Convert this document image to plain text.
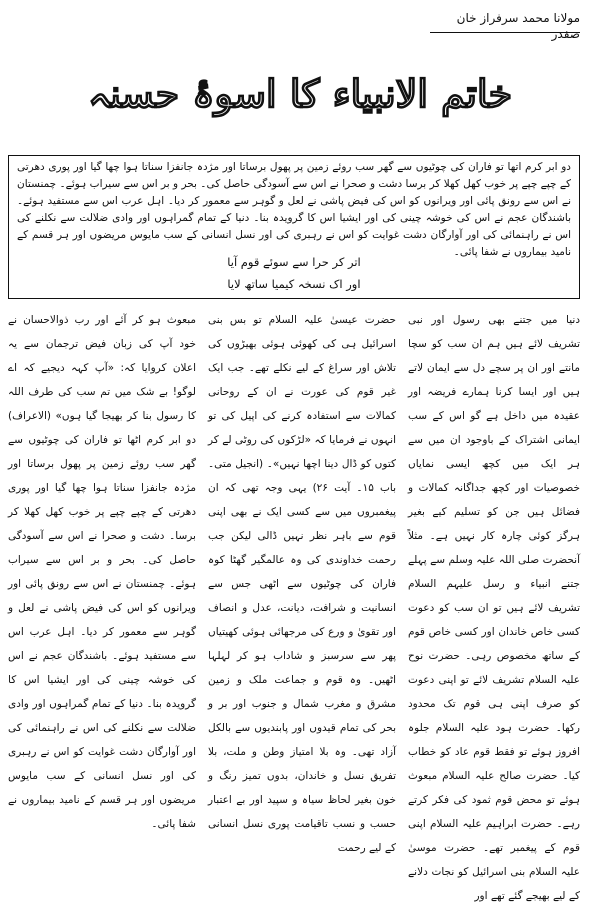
مولانا محمد سرفراز خان صفدر
خاتم الانبیاء کا اسوۂ حسنہ
دو ابر کرم اتھا تو فاران کی چوٹیوں سے گھر سب روئے زمین پر پھول برساتا اور مژدہ جانفزا سناتا ہوا چھا گیا اور پوری دھرتی کے چپے چپے پر خوب کھل کھلا کر برسا دشت و صحرا نے اس سے آسودگی حاصل کی۔ بحر و بر اس سے سیراب ہوئے۔ چمنستان نے اس سے رونق پائی اور ویرانوں کو اس کی فیض پاشی نے لعل و گوہر سے معمور کر دیا۔ اہل عرب اس سے مستفید ہوئے۔ باشندگان عجم نے اس کی خوشہ چینی کی اور ایشیا اس کا گرویدہ بنا۔ دنیا کے تمام گمراہوں اور وادی ضلالت سے نکلنے کی اس نے راہنمائی کی اور آوارگان دشت غوایت کو اس نے رہبری کی اور نسل انسانی کے سب مایوس مریضوں اور ہر قسم کے نامید بیماروں نے شفا پائی۔
اتر کر حرا سے سوئے قوم آیا
اور اک نسخہ کیمیا ساتھ لایا

دنیا میں جتنے بھی رسول اور نبی تشریف لائے ہیں ہم ان سب کو سچا مانتے اور ان پر سچے دل سے ایمان لاتے ہیں اور ایسا کرنا ہمارے فریضہ اور عقیدہ میں داخل ہے گو اس کے سب ایمانی اشتراک کے باوجود ان میں سے ہر ایک میں کچھ ایسی نمایاں خصوصیات اور کچھ جداگانہ کمالات و فضائل ہیں جن کو تسلیم کیے بغیر ہرگز کوئی چارہ کار نہیں ہے۔ مثلاً آنحضرت صلی اللہ علیہ وسلم سے پہلے جتنے انبیاء و رسل علیہم السلام تشریف لائے ہیں تو ان سب کو دعوت کسی خاص خاندان اور کسی خاص قوم کے ساتھ مخصوص رہی۔ حضرت نوح علیہ السلام تشریف لائے تو اپنی دعوت کو صرف اپنی ہی قوم تک محدود رکھا۔ حضرت ہود علیہ السلام جلوہ افروز ہوئے تو فقط قوم عاد کو خطاب کیا۔ حضرت صالح علیہ السلام مبعوث ہوئے تو محض قوم ثمود کی فکر کرتے رہے۔ حضرت ابراہیم علیہ السلام اپنی قوم کے پیغمبر تھے۔ حضرت موسیٰ علیہ السلام بنی اسرائیل کو نجات دلانے کے لیے بھیجے گئے تھے اور

حضرت عیسیٰ علیہ السلام تو بس بنی اسرائیل ہی کی کھوئی ہوئی بھیڑوں کی تلاش اور سراغ کے لیے نکلے تھے۔ جب ایک غیر قوم کی عورت نے ان کے روحانی کمالات سے استفادہ کرنے کی اپیل کی تو انہوں نے فرمایا کہ «لڑکوں کی روٹی لے کر کتوں کو ڈال دینا اچھا نہیں»۔ (انجیل متی۔ باب ۱۵۔ آیت ۲۶) یہی وجہ تھی کہ ان پیغمبروں میں سے کسی ایک نے بھی اپنی قوم سے باہر نظر نہیں ڈالی لیکن جب رحمت خداوندی کی وہ عالمگیر گھٹا کوہ فاران کی چوٹیوں سے اٹھی جس سے انسانیت و شرافت، دیانت، عدل و انصاف اور تقویٰ و ورع کی مرجھائی ہوئی کھیتیاں پھر سے سرسبز و شاداب ہو کر لہلہا اٹھیں۔ وہ قوم و جماعت ملک و زمین مشرق و مغرب شمال و جنوب اور بر و بحر کی تمام قیدوں اور پابندیوں سے بالکل آزاد تھی۔ وہ بلا امتیاز وطن و ملت، بلا تفریق نسل و خاندان، بدوں تمیز رنگ و خون بغیر لحاظ سیاہ و سپید اور بے اعتبار حسب و نسب تاقیامت پوری نسل انسانی کے لیے رحمت

مبعوث ہو کر آئے اور رب ذوالاحسان نے خود آپ کی زبان فیض ترجمان سے یہ اعلان کروایا کہ: «آپ کہہ دیجیے کہ اے لوگو! بے شک میں تم سب کی طرف اللہ کا رسول بنا کر بھیجا گیا ہوں» (الاعراف) دو ابر کرم اٹھا تو فاران کی چوٹیوں سے گھر سب روئے زمین پر پھول برساتا اور مژدہ جانفزا سناتا ہوا چھا گیا اور پوری دھرتی کے چپے چپے پر خوب کھل کھلا کر برسا۔ دشت و صحرا نے اس سے آسودگی حاصل کی۔ بحر و بر اس سے سیراب ہوئے۔ چمنستان نے اس سے رونق پائی اور ویرانوں کو اس کی فیض پاشی نے لعل و گوہر سے معمور کر دیا۔ اہل عرب اس سے مستفید ہوئے۔ باشندگان عجم نے اس کی خوشہ چینی کی اور ایشیا اس کا گرویدہ بنا۔ دنیا کے تمام گمراہوں اور وادی ضلالت سے نکلنے کی اس نے راہنمائی کی اور آوارگان دشت غوایت کو اس نے رہبری کی اور نسل انسانی کے سب مایوس مریضوں اور ہر قسم کے نامید بیماروں نے شفا پائی۔
